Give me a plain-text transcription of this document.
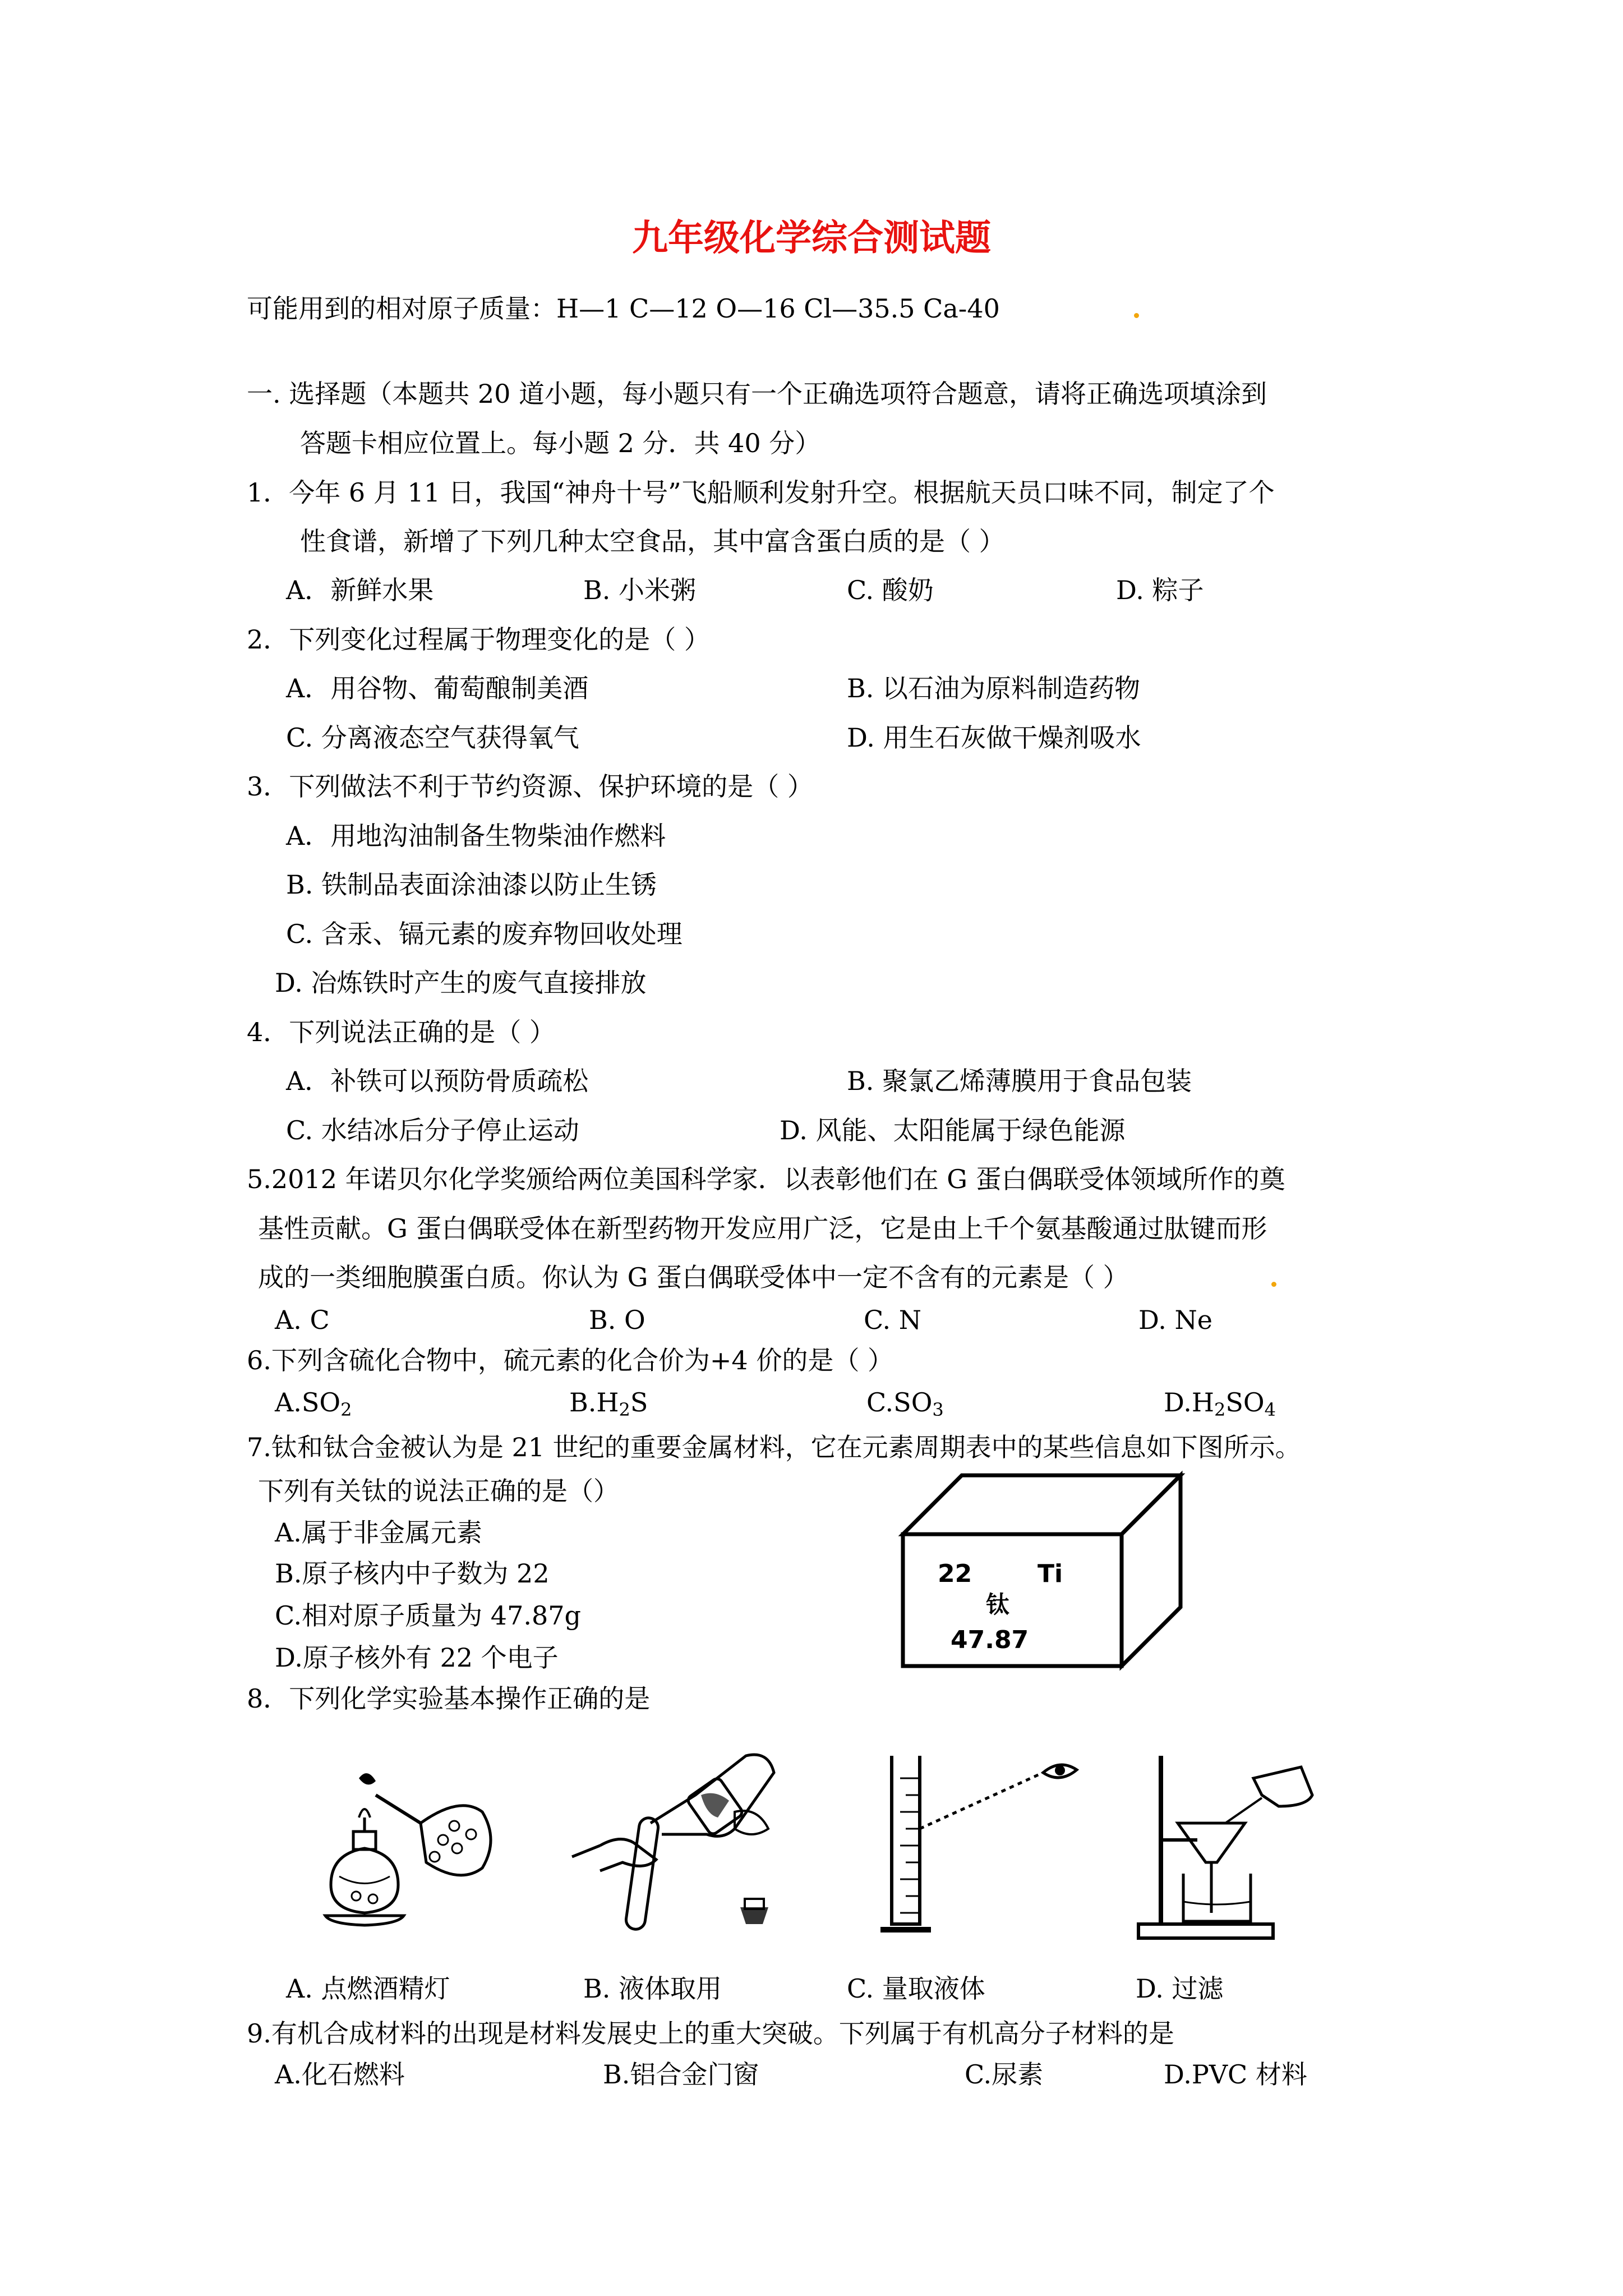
九年级化学综合测试题
可能用到的相对原子质量：H—1 C—12 O—16 Cl—35.5 Ca-40
一. 选择题（本题共 20 道小题，每小题只有一个正确选项符合题意，请将正确选项填涂到
答题卡相应位置上。每小题 2 分．共 40 分）
1．今年 6 月 11 日，我国“神舟十号”飞船顺利发射升空。根据航天员口味不同，制定了个
性食谱，新增了下列几种太空食品，其中富含蛋白质的是（ ）
A．新鲜水果	B. 小米粥	C. 酸奶	D. 粽子
2．下列变化过程属于物理变化的是（ ）
A．用谷物、葡萄酿制美酒	B. 以石油为原料制造药物
C. 分离液态空气获得氧气	D. 用生石灰做干燥剂吸水
3．下列做法不利于节约资源、保护环境的是（ ）
A．用地沟油制备生物柴油作燃料
B. 铁制品表面涂油漆以防止生锈
C. 含汞、镉元素的废弃物回收处理
D. 冶炼铁时产生的废气直接排放
4．下列说法正确的是（ ）
A．补铁可以预防骨质疏松	B. 聚氯乙烯薄膜用于食品包装
C. 水结冰后分子停止运动	D. 风能、太阳能属于绿色能源
5.2012 年诺贝尔化学奖颁给两位美国科学家．以表彰他们在 G 蛋白偶联受体领域所作的奠
基性贡献。G 蛋白偶联受体在新型药物开发应用广泛，它是由上千个氨基酸通过肽键而形
成的一类细胞膜蛋白质。你认为 G 蛋白偶联受体中一定不含有的元素是（ ）
A. C	B. O	C. N	D. Ne
6.下列含硫化合物中，硫元素的化合价为+4 价的是（ ）
$A.SO_2$	$B.H_2S$	$C.SO_3$	$D.H_2SO_4$
7.钛和钛合金被认为是 21 世纪的重要金属材料，它在元素周期表中的某些信息如下图所示。
下列有关钛的说法正确的是（）
A.属于非金属元素
B.原子核内中子数为 22
C.相对原子质量为 47.87g
D.原子核外有 22 个电子
22	Ti
钛
47.87
8．下列化学实验基本操作正确的是
A. 点燃酒精灯	B. 液体取用	C. 量取液体	D. 过滤
9.有机合成材料的出现是材料发展史上的重大突破。下列属于有机高分子材料的是
A.化石燃料	B.铝合金门窗	C.尿素	D.PVC 材料
